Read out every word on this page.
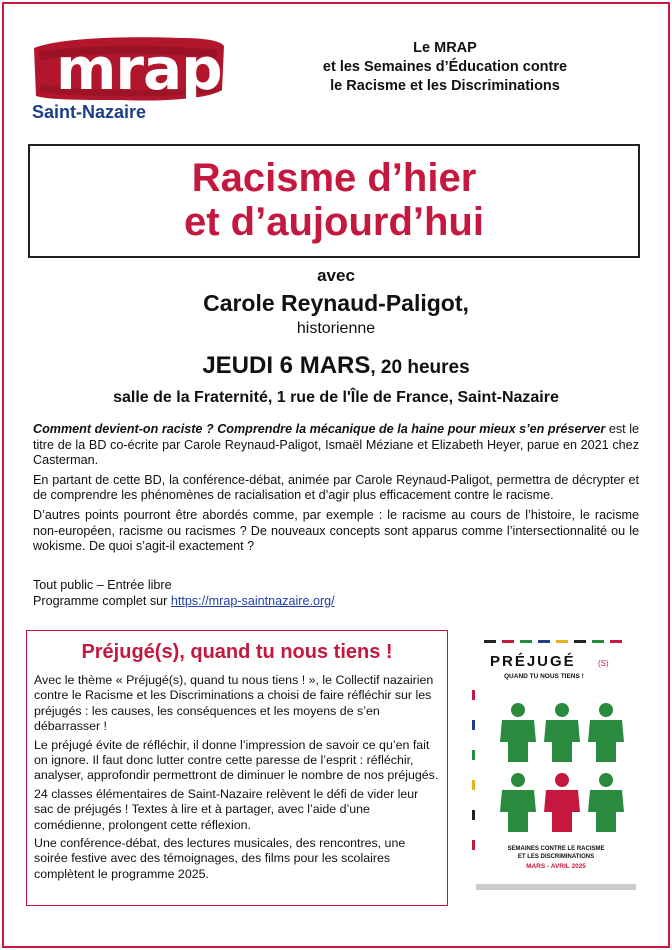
mrap
Saint-Nazaire
Le MRAP
et les Semaines d’Éducation contre
le Racisme et les Discriminations
Racisme d’hier
et d’aujourd’hui
avec
Carole Reynaud-Paligot,
historienne
JEUDI 6 MARS, 20 heures
salle de la Fraternité, 1 rue de l'Île de France, Saint-Nazaire

Comment devient-on raciste ? Comprendre la mécanique de la haine pour mieux s’en préserver est le titre de la BD co-écrite par Carole Reynaud-Paligot, Ismaël Méziane et Elizabeth Heyer, parue en 2021 chez Casterman.

En partant de cette BD, la conférence-débat, animée par Carole Reynaud-Paligot, permettra de décrypter et de comprendre les phénomènes de racialisation et d’agir plus efficacement contre le racisme.

D’autres points pourront être abordés comme, par exemple : le racisme au cours de l’histoire, le racisme non-européen, racisme ou racismes ? De nouveaux concepts sont apparus comme l’intersectionnalité ou le wokisme. De quoi s’agit-il exactement ?

Tout public – Entrée libre
Programme complet sur https://mrap-saintnazaire.org/
Préjugé(s), quand tu nous tiens !

Avec le thème « Préjugé(s), quand tu nous tiens ! », le Collectif nazairien contre le Racisme et les Discriminations a choisi de faire réfléchir sur les préjugés : les causes, les conséquences et les moyens de s’en débarrasser !

Le préjugé évite de réfléchir, il donne l’impression de savoir ce qu’en fait on ignore. Il faut donc lutter contre cette paresse de l’esprit : réfléchir, analyser, approfondir permettront de diminuer le nombre de nos préjugés.

24 classes élémentaires de Saint-Nazaire relèvent le défi de vider leur sac de préjugés ! Textes à lire et à partager, avec l’aide d’une comédienne, prolongent cette réflexion.

Une conférence-débat, des lectures musicales, des rencontres, une soirée festive avec des témoignages, des films pour les scolaires complètent le programme 2025.

PRÉJUGÉ	(S)
QUAND TU NOUS TIENS !
SEMAINES CONTRE LE RACISME
ET LES DISCRIMINATIONS
MARS - AVRIL 2025
